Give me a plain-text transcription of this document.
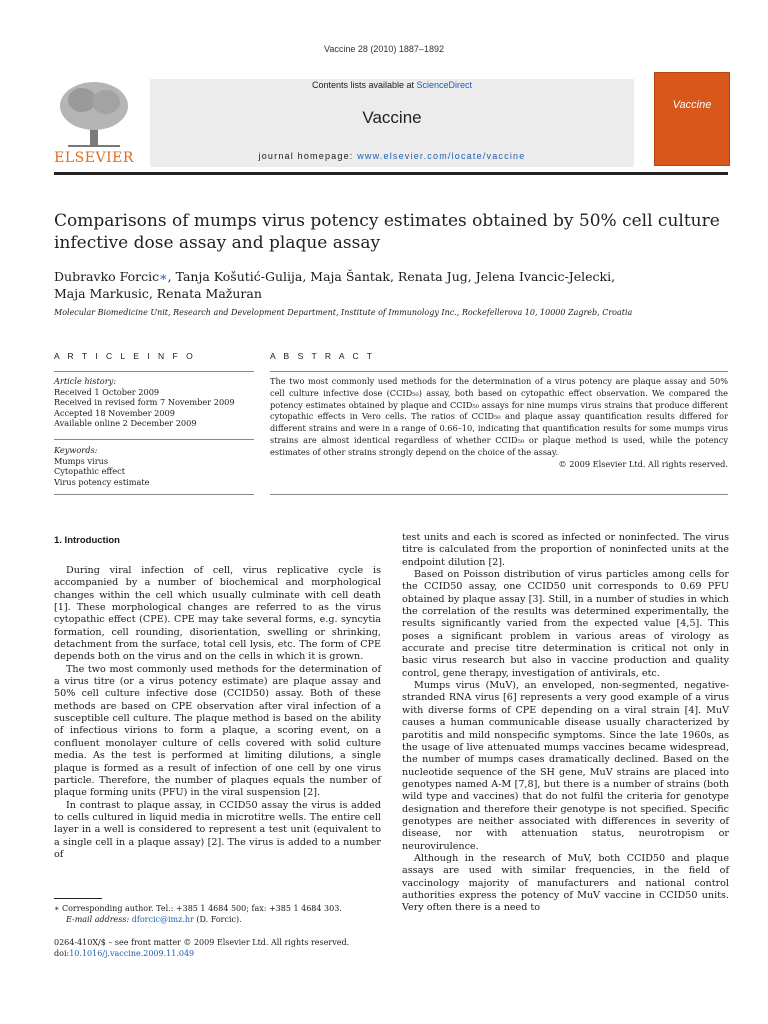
Vaccine 28 (2010) 1887–1892
ELSEVIER
Contents lists available at ScienceDirect
Vaccine
journal homepage: www.elsevier.com/locate/vaccine
Vaccine
Comparisons of mumps virus potency estimates obtained by 50% cell culture infective dose assay and plaque assay
Dubravko Forcic∗, Tanja Košutić-Gulija, Maja Šantak, Renata Jug, Jelena Ivancic-Jelecki,
Maja Markusic, Renata Mažuran
Molecular Biomedicine Unit, Research and Development Department, Institute of Immunology Inc., Rockefellerova 10, 10000 Zagreb, Croatia
A R T I C L E I N F O	A B S T R A C T
Article history:
Received 1 October 2009
Received in revised form 7 November 2009
Accepted 18 November 2009
Available online 2 December 2009
Keywords:
Mumps virus
Cytopathic effect
Virus potency estimate
The two most commonly used methods for the determination of a virus potency are plaque assay and 50% cell culture infective dose (CCID₅₀) assay, both based on cytopathic effect observation. We compared the potency estimates obtained by plaque and CCID₅₀ assays for nine mumps virus strains that produce different cytopathic effects in Vero cells. The ratios of CCID₅₀ and plaque assay quantification results differed for different strains and were in a range of 0.66–10, indicating that quantification results for some mumps virus strains are almost identical regardless of whether CCID₅₀ or plaque method is used, while the potency estimates of other strains strongly depend on the choice of the assay.
© 2009 Elsevier Ltd. All rights reserved.
1. Introduction

During viral infection of cell, virus replicative cycle is accompanied by a number of biochemical and morphological changes within the cell which usually culminate with cell death [1]. These morphological changes are referred to as the virus cytopathic effect (CPE). CPE may take several forms, e.g. syncytia formation, cell rounding, disorientation, swelling or shrinking, detachment from the surface, total cell lysis, etc. The form of CPE depends both on the virus and on the cells in which it is grown.

The two most commonly used methods for the determination of a virus titre (or a virus potency estimate) are plaque assay and 50% cell culture infective dose (CCID50) assay. Both of these methods are based on CPE observation after viral infection of a susceptible cell culture. The plaque method is based on the ability of infectious virions to form a plaque, a scoring event, on a confluent monolayer culture of cells covered with solid culture media. As the test is performed at limiting dilutions, a single plaque is formed as a result of infection of one cell by one virus particle. Therefore, the number of plaques equals the number of plaque forming units (PFU) in the viral suspension [2].

In contrast to plaque assay, in CCID50 assay the virus is added to cells cultured in liquid media in microtitre wells. The entire cell layer in a well is considered to represent a test unit (equivalent to a single cell in a plaque assay) [2]. The virus is added to a number of

test units and each is scored as infected or noninfected. The virus titre is calculated from the proportion of noninfected units at the endpoint dilution [2].

Based on Poisson distribution of virus particles among cells for the CCID50 assay, one CCID50 unit corresponds to 0.69 PFU obtained by plaque assay [3]. Still, in a number of studies in which the correlation of the results was determined experimentally, the results significantly varied from the expected value [4,5]. This poses a significant problem in various areas of virology as accurate and precise titre determination is critical not only in basic virus research but also in vaccine production and quality control, gene therapy, investigation of antivirals, etc.

Mumps virus (MuV), an enveloped, non-segmented, negative-stranded RNA virus [6] represents a very good example of a virus with diverse forms of CPE depending on a viral strain [4]. MuV causes a human communicable disease usually characterized by parotitis and mild nonspecific symptoms. Since the late 1960s, as the usage of live attenuated mumps vaccines became widespread, the number of mumps cases dramatically declined. Based on the nucleotide sequence of the SH gene, MuV strains are placed into genotypes named A-M [7,8], but there is a number of strains (both wild type and vaccines) that do not fulfil the criteria for genotype designation and therefore their genotype is not specified. Specific genotypes are neither associated with differences in severity of disease, nor with attenuation status, neurotropism or neurovirulence.

Although in the research of MuV, both CCID50 and plaque assays are used with similar frequencies, in the field of vaccinology majority of manufacturers and national control authorities express the potency of MuV vaccine in CCID50 units. Very often there is a need to

∗ Corresponding author. Tel.: +385 1 4684 500; fax: +385 1 4684 303.
E-mail address: dforcic@imz.hr (D. Forcic).
0264-410X/$ – see front matter © 2009 Elsevier Ltd. All rights reserved.
doi:10.1016/j.vaccine.2009.11.049
